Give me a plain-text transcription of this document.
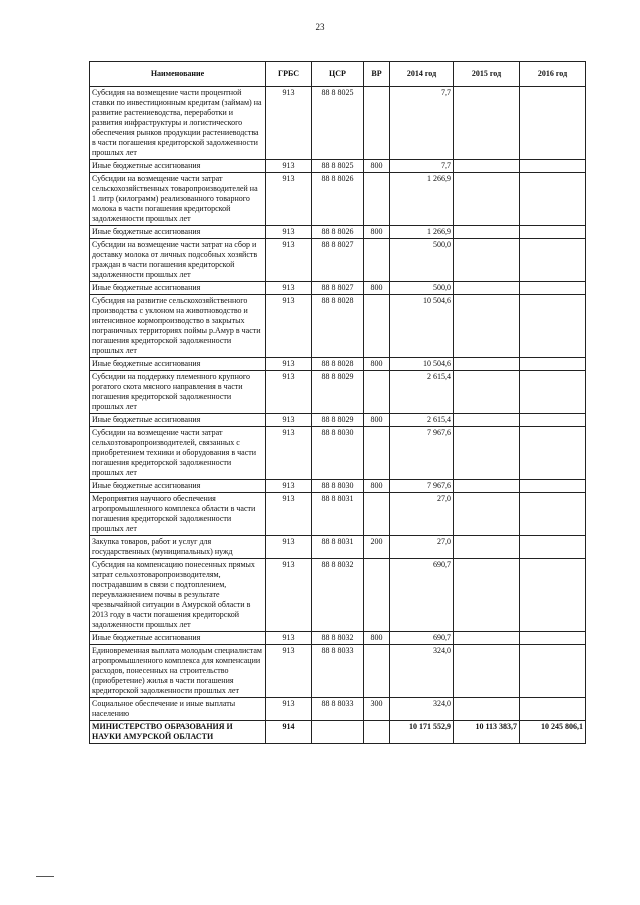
23
Наименование	ГРБС	ЦСР	ВР	2014 год	2015 год	2016 год
Субсидия на возмещение части процентной ставки по инвестиционным кредитам (займам) на развитие растениеводства, переработки и развития инфраструктуры и логистического обеспечения рынков продукции растениеводства в части погашения кредиторской задолженности прошлых лет	913	88 8 8025		7,7		
Иные бюджетные ассигнования	913	88 8 8025	800	7,7		
Субсидии на возмещение части затрат сельскохозяйственных товаропроизводителей на 1 литр (килограмм) реализованного товарного молока в части погашения кредиторской задолженности прошлых лет	913	88 8 8026		1 266,9		
Иные бюджетные ассигнования	913	88 8 8026	800	1 266,9		
Субсидии на возмещение части затрат на сбор и доставку молока от личных подсобных хозяйств граждан в части погашения кредиторской задолженности прошлых лет	913	88 8 8027		500,0		
Иные бюджетные ассигнования	913	88 8 8027	800	500,0		
Субсидия на развитие сельскохозяйственного производства с уклоном на животноводство и интенсивное кормопроизводство в закрытых пограничных территориях поймы р.Амур в части погашения кредиторской задолженности прошлых лет	913	88 8 8028		10 504,6		
Иные бюджетные ассигнования	913	88 8 8028	800	10 504,6		
Субсидии на поддержку племенного крупного рогатого скота мясного направления в части погашения кредиторской задолженности прошлых лет	913	88 8 8029		2 615,4		
Иные бюджетные ассигнования	913	88 8 8029	800	2 615,4		
Субсидии на возмещение части затрат сельхозтоваропроизводителей, связанных с приобретением техники и оборудования в части погашения кредиторской задолженности прошлых лет	913	88 8 8030		7 967,6		
Иные бюджетные ассигнования	913	88 8 8030	800	7 967,6		
Мероприятия научного обеспечения агропромышленного комплекса области в части погашения кредиторской задолженности прошлых лет	913	88 8 8031		27,0		
Закупка товаров, работ и услуг для государственных (муниципальных) нужд	913	88 8 8031	200	27,0		
Субсидия на компенсацию понесенных прямых затрат сельхозтоваропроизводителям, пострадавшим в связи с подтоплением, переувлажнением почвы в результате чрезвычайной ситуации в Амурской области в 2013 году в части погашения кредиторской задолженности прошлых лет	913	88 8 8032		690,7		
Иные бюджетные ассигнования	913	88 8 8032	800	690,7		
Единовременная выплата молодым специалистам агропромышленного комплекса для компенсации расходов, понесенных на строительство (приобретение) жилья в части погашения кредиторской задолженности прошлых лет	913	88 8 8033		324,0		
Социальное обеспечение и иные выплаты населению	913	88 8 8033	300	324,0		
МИНИСТЕРСТВО ОБРАЗОВАНИЯ И НАУКИ АМУРСКОЙ ОБЛАСТИ	914			10 171 552,9	10 113 383,7	10 245 806,1
